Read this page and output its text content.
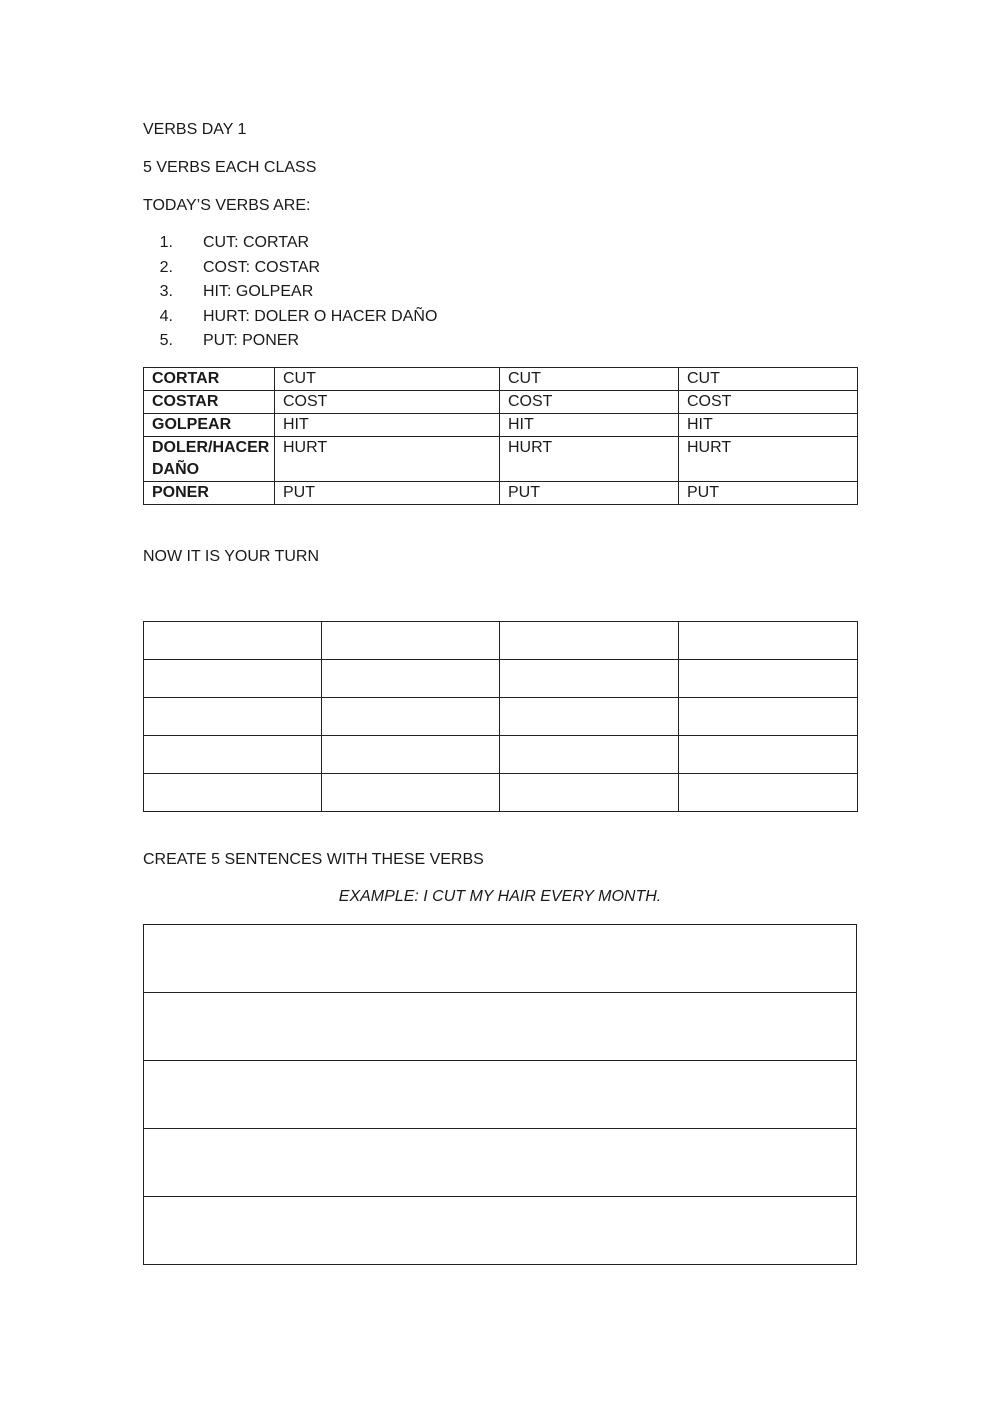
VERBS DAY 1
5 VERBS EACH CLASS
TODAY’S VERBS ARE:
1. CUT: CORTAR
2. COST: COSTAR
3. HIT: GOLPEAR
4. HURT: DOLER O HACER DAÑO
5. PUT: PONER
CORTAR	CUT	CUT	CUT
COSTAR	COST	COST	COST
GOLPEAR	HIT	HIT	HIT
DOLER/HACER DAÑO	HURT	HURT	HURT
PONER	PUT	PUT	PUT
NOW IT IS YOUR TURN

CREATE 5 SENTENCES WITH THESE VERBS
EXAMPLE: I CUT MY HAIR EVERY MONTH.
